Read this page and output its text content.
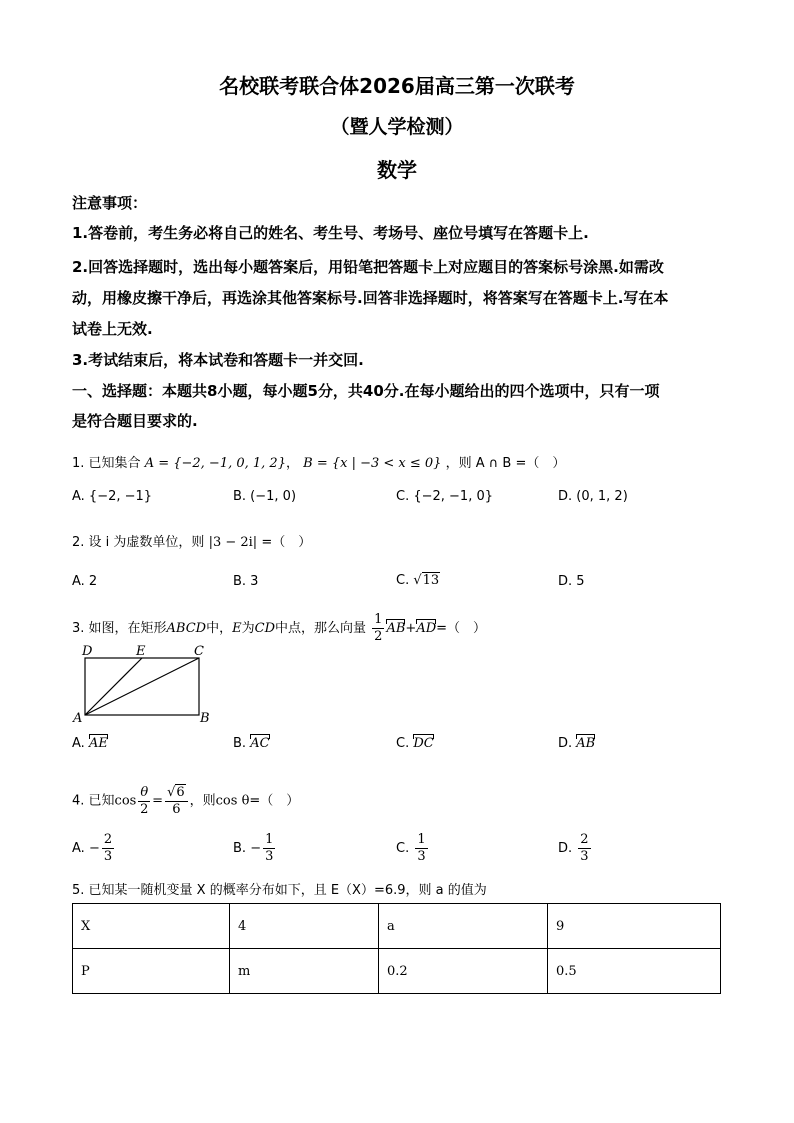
名校联考联合体2026届高三第一次联考
（暨人学检测）
数学
注意事项：
1.答卷前，考生务必将自己的姓名、考生号、考场号、座位号填写在答题卡上.
2.回答选择题时，选出每小题答案后，用铅笔把答题卡上对应题目的答案标号涂黑.如需改
动，用橡皮擦干净后，再选涂其他答案标号.回答非选择题时，将答案写在答题卡上.写在本
试卷上无效.
3.考试结束后，将本试卷和答题卡一并交回.
一、选择题：本题共8小题，每小题5分，共40分.在每小题给出的四个选项中，只有一项
是符合题目要求的.
1. 已知集合 A = {−2, −1, 0, 1, 2}， B = {x | −3 < x ≤ 0} ，则 A ∩ B =（　）
A. {−2, −1}	B. (−1, 0)	C. {−2, −1, 0}	D. (0, 1, 2)
2. 设 i 为虚数单位，则 |3 − 2i| =（　）
A. 2	B. 3	C. √13	D. 5
3. 如图，在矩形ABCD中，E为CD中点，那么向量 $\frac{1}{2} AB+AD=$（　）
D	E	C
A	B
A. AE	B. AC	C. DC	D. AB
4. 已知$\cos \frac{\theta}{2} = \frac{√6}{6}$ ，则cos θ=（　）
A. − $\frac{2}{3}$	B. − $\frac{1}{3}$	C. $\frac{1}{3}$	D. $\frac{2}{3}$
5. 已知某一随机变量 X 的概率分布如下，且 E（X）=6.9，则 a 的值为
X	4	a	9
P	m	0.2	0.5
